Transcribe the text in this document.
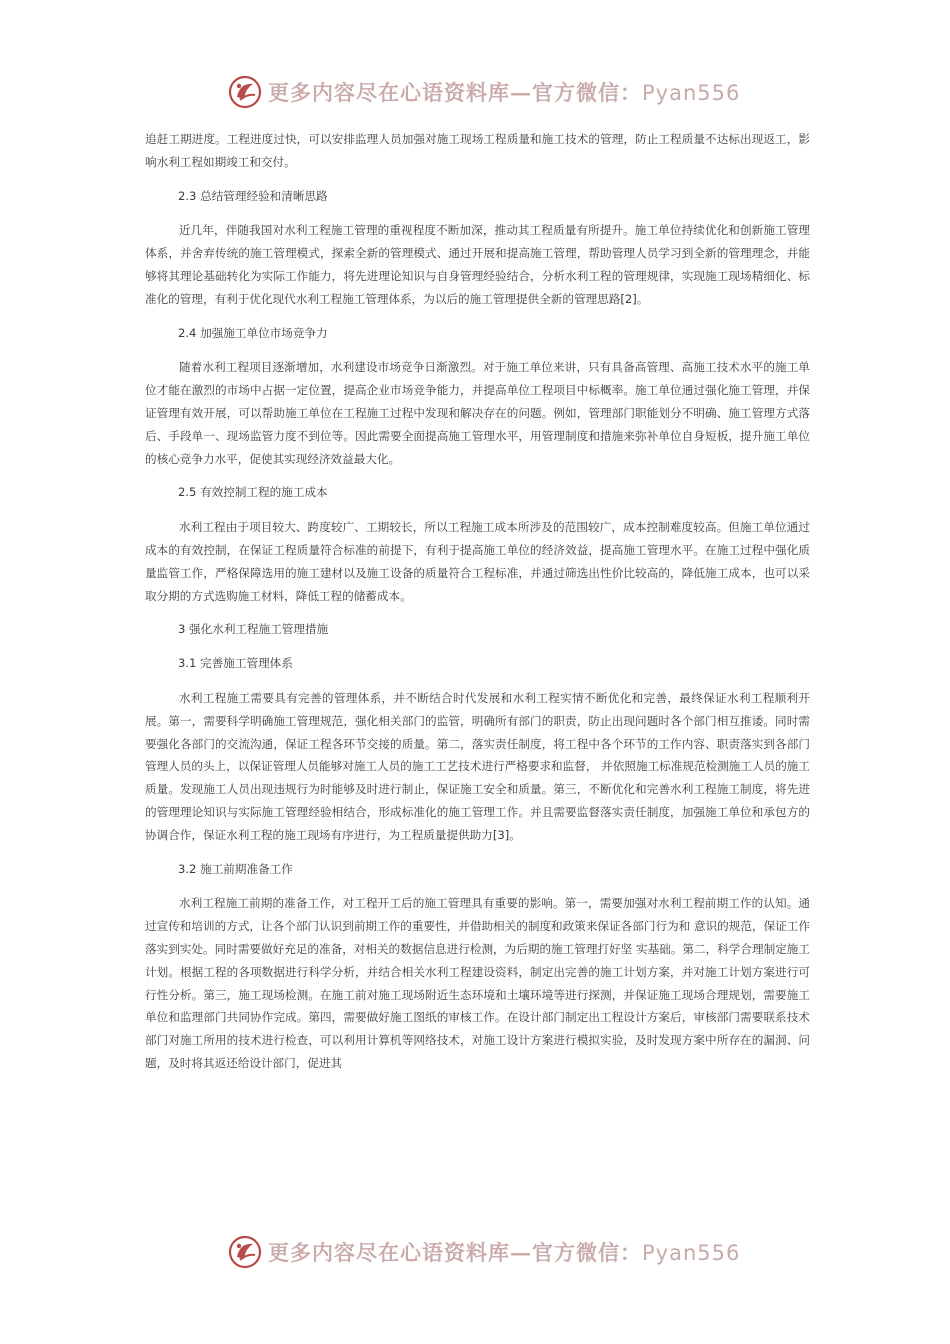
更多内容尽在心语资料库—官方微信：Pyan556

追赶工期进度。工程进度过快，可以安排监理人员加强对施工现场工程质量和施工技术的管理，防止工程质量不达标出现返工，影响水利工程如期竣工和交付。

2.3 总结管理经验和清晰思路

近几年，伴随我国对水利工程施工管理的重视程度不断加深，推动其工程质量有所提升。施工单位持续优化和创新施工管理体系，并舍弃传统的施工管理模式，探索全新的管理模式、通过开展和提高施工管理，帮助管理人员学习到全新的管理理念，并能够将其理论基础转化为实际工作能力，将先进理论知识与自身管理经验结合，分析水利工程的管理规律，实现施工现场精细化、标准化的管理，有利于优化现代水利工程施工管理体系，为以后的施工管理提供全新的管理思路[2]。

2.4 加强施工单位市场竞争力

随着水利工程项目逐渐增加，水利建设市场竞争日渐激烈。对于施工单位来讲，只有具备高管理、高施工技术水平的施工单位才能在激烈的市场中占据一定位置，提高企业市场竞争能力，并提高单位工程项目中标概率。施工单位通过强化施工管理，并保证管理有效开展，可以帮助施工单位在工程施工过程中发现和解决存在的问题。例如，管理部门职能划分不明确、施工管理方式落后、手段单一、现场监管力度不到位等。因此需要全面提高施工管理水平，用管理制度和措施来弥补单位自身短板，提升施工单位的核心竞争力水平，促使其实现经济效益最大化。

2.5 有效控制工程的施工成本

水利工程由于项目较大、跨度较广、工期较长，所以工程施工成本所涉及的范围较广，成本控制难度较高。但施工单位通过成本的有效控制，在保证工程质量符合标准的前提下，有利于提高施工单位的经济效益，提高施工管理水平。在施工过程中强化质量监管工作，严格保障选用的施工建材以及施工设备的质量符合工程标准，并通过筛选出性价比较高的，降低施工成本，也可以采取分期的方式选购施工材料，降低工程的储蓄成本。

3 强化水利工程施工管理措施
3.1 完善施工管理体系

水利工程施工需要具有完善的管理体系，并不断结合时代发展和水利工程实情不断优化和完善，最终保证水利工程顺利开展。第一，需要科学明确施工管理规范，强化相关部门的监管，明确所有部门的职责，防止出现问题时各个部门相互推诿。同时需要强化各部门的交流沟通，保证工程各环节交接的质量。第二，落实责任制度，将工程中各个环节的工作内容、职责落实到各部门管理人员的头上，以保证管理人员能够对施工人员的施工工艺技术进行严格要求和监督， 并依照施工标准规范检测施工人员的施工质量。发现施工人员出现违规行为时能够及时进行制止，保证施工安全和质量。第三，不断优化和完善水利工程施工制度，将先进的管理理论知识与实际施工管理经验相结合，形成标准化的施工管理工作。并且需要监督落实责任制度，加强施工单位和承包方的协调合作，保证水利工程的施工现场有序进行，为工程质量提供助力[3]。

3.2 施工前期准备工作

水利工程施工前期的准备工作，对工程开工后的施工管理具有重要的影响。第一，需要加强对水利工程前期工作的认知。通过宣传和培训的方式，让各个部门认识到前期工作的重要性，并借助相关的制度和政策来保证各部门行为和 意识的规范，保证工作落实到实处。同时需要做好充足的准备，对相关的数据信息进行检测，为后期的施工管理打好坚 实基础。第二，科学合理制定施工计划。根据工程的各项数据进行科学分析，并结合相关水利工程建设资料，制定出完善的施工计划方案，并对施工计划方案进行可行性分析。第三，施工现场检测。在施工前对施工现场附近生态环境和土壤环境等进行探测，并保证施工现场合理规划，需要施工单位和监理部门共同协作完成。第四，需要做好施工图纸的审核工作。在设计部门制定出工程设计方案后，审核部门需要联系技术部门对施工所用的技术进行检查，可以利用计算机等网络技术，对施工设计方案进行模拟实验，及时发现方案中所存在的漏洞、问题，及时将其返还给设计部门，促进其

更多内容尽在心语资料库—官方微信：Pyan556
